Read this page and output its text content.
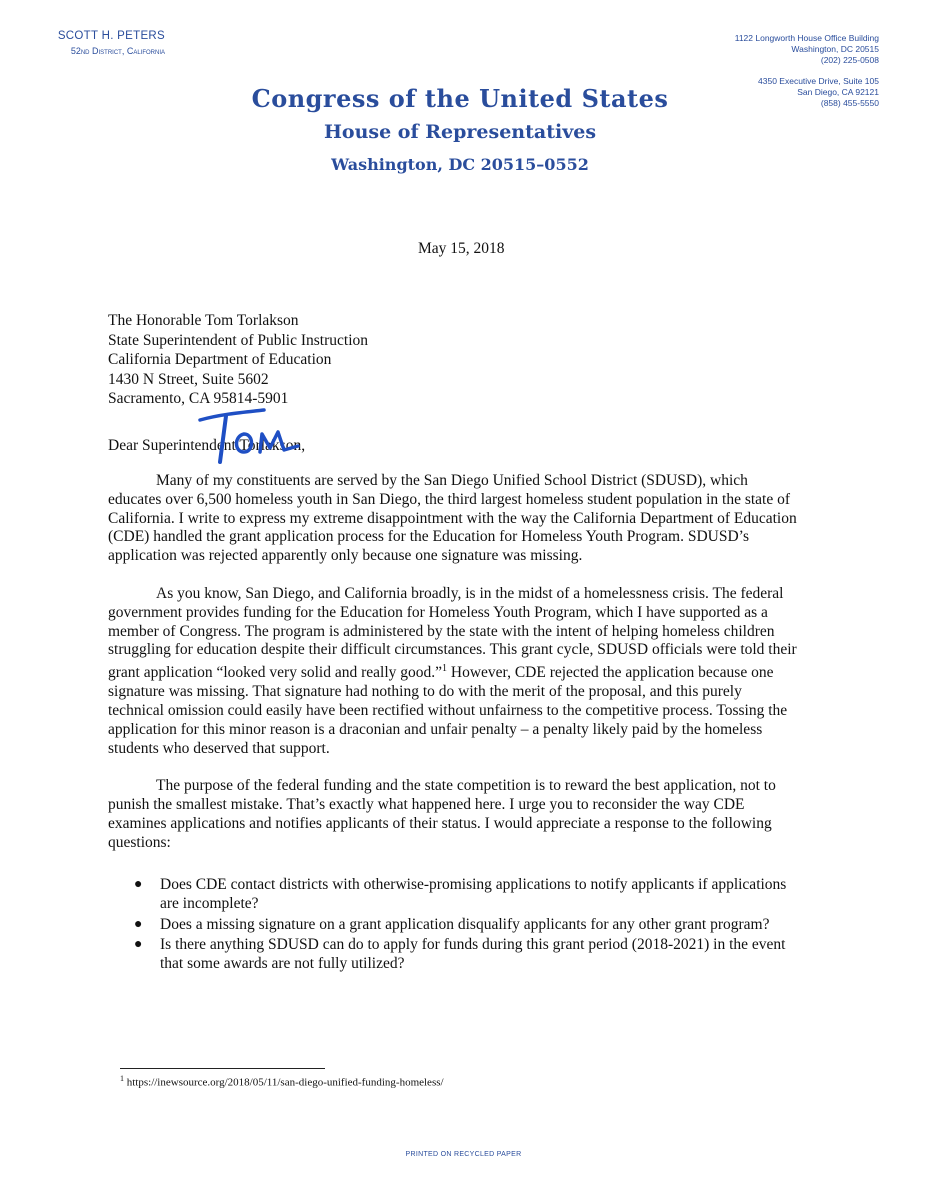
SCOTT H. PETERS
52nd District, California
1122 Longworth House Office Building
Washington, DC 20515
(202) 225-0508
4350 Executive Drive, Suite 105
San Diego, CA 92121
(858) 455-5550
Congress of the United States
House of Representatives
Washington, DC 20515–0552
May 15, 2018
The Honorable Tom Torlakson
State Superintendent of Public Instruction
California Department of Education
1430 N Street, Suite 5602
Sacramento, CA 95814-5901
Dear Superintendent Torlakson,

Many of my constituents are served by the San Diego Unified School District (SDUSD), which educates over 6,500 homeless youth in San Diego, the third largest homeless student population in the state of California. I write to express my extreme disappointment with the way the California Department of Education (CDE) handled the grant application process for the Education for Homeless Youth Program. SDUSD’s application was rejected apparently only because one signature was missing.

As you know, San Diego, and California broadly, is in the midst of a homelessness crisis. The federal government provides funding for the Education for Homeless Youth Program, which I have supported as a member of Congress. The program is administered by the state with the intent of helping homeless children struggling for education despite their difficult circumstances. This grant cycle, SDUSD officials were told their grant application “looked very solid and really good.”$^1$ However, CDE rejected the application because one signature was missing. That signature had nothing to do with the merit of the proposal, and this purely technical omission could easily have been rectified without unfairness to the competitive process. Tossing the application for this minor reason is a draconian and unfair penalty – a penalty likely paid by the homeless students who deserved that support.

The purpose of the federal funding and the state competition is to reward the best application, not to punish the smallest mistake. That’s exactly what happened here. I urge you to reconsider the way CDE examines applications and notifies applicants of their status. I would appreciate a response to the following questions:

● Does CDE contact districts with otherwise-promising applications to notify applicants if applications are incomplete?
● Does a missing signature on a grant application disqualify applicants for any other grant program?
● Is there anything SDUSD can do to apply for funds during this grant period (2018-2021) in the event that some awards are not fully utilized?
$^1$ https://inewsource.org/2018/05/11/san-diego-unified-funding-homeless/
PRINTED ON RECYCLED PAPER
